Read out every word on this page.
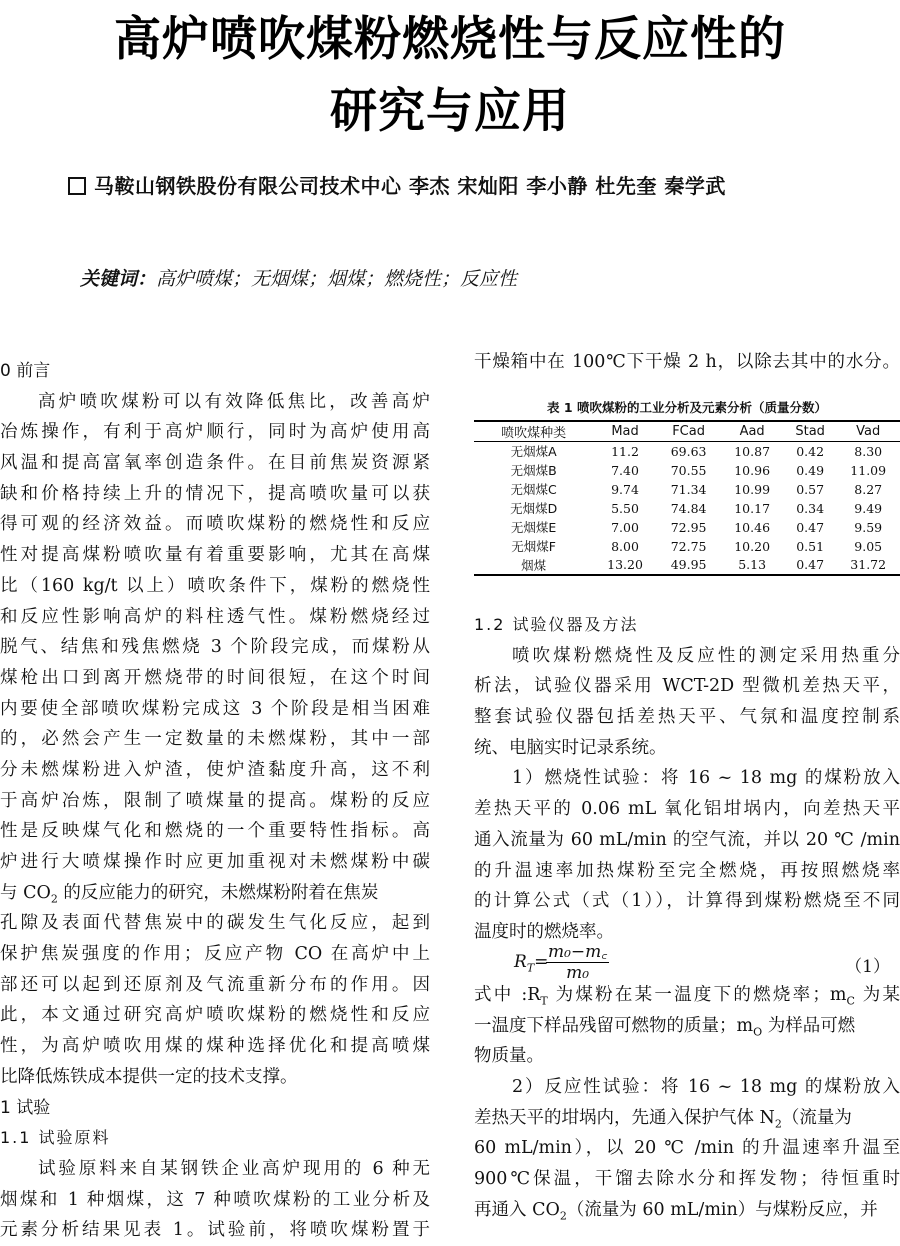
高炉喷吹煤粉燃烧性与反应性的
研究与应用
马鞍山钢铁股份有限公司技术中心 李杰 宋灿阳 李小静 杜先奎 秦学武
关键词：高炉喷煤；无烟煤；烟煤；燃烧性；反应性
0 前言
高炉喷吹煤粉可以有效降低焦比，改善高炉
冶炼操作，有利于高炉顺行，同时为高炉使用高
风温和提高富氧率创造条件。在目前焦炭资源紧
缺和价格持续上升的情况下，提高喷吹量可以获
得可观的经济效益。而喷吹煤粉的燃烧性和反应
性对提高煤粉喷吹量有着重要影响，尤其在高煤
比（160 kg/t 以上）喷吹条件下，煤粉的燃烧性
和反应性影响高炉的料柱透气性。煤粉燃烧经过
脱气、结焦和残焦燃烧 3 个阶段完成，而煤粉从
煤枪出口到离开燃烧带的时间很短，在这个时间
内要使全部喷吹煤粉完成这 3 个阶段是相当困难
的，必然会产生一定数量的未燃煤粉，其中一部
分未燃煤粉进入炉渣，使炉渣黏度升高，这不利
于高炉冶炼，限制了喷煤量的提高。煤粉的反应
性是反映煤气化和燃烧的一个重要特性指标。高
炉进行大喷煤操作时应更加重视对未燃煤粉中碳
与 $CO_2$ 的反应能力的研究，未燃煤粉附着在焦炭
孔隙及表面代替焦炭中的碳发生气化反应，起到
保护焦炭强度的作用；反应产物 CO 在高炉中上
部还可以起到还原剂及气流重新分布的作用。因
此，本文通过研究高炉喷吹煤粉的燃烧性和反应
性，为高炉喷吹用煤的煤种选择优化和提高喷煤
比降低炼铁成本提供一定的技术支撑。
1 试验
1.1 试验原料
试验原料来自某钢铁企业高炉现用的 6 种无
烟煤和 1 种烟煤，这 7 种喷吹煤粉的工业分析及
元素分析结果见表 1。试验前，将喷吹煤粉置于
干燥箱中在 100℃下干燥 2 h，以除去其中的水分。
表 1 喷吹煤粉的工业分析及元素分析（质量分数）
喷吹煤种类	Mad	FCad	Aad	Stad	Vad
无烟煤A	11.2	69.63	10.87	0.42	8.30
无烟煤B	7.40	70.55	10.96	0.49	11.09
无烟煤C	9.74	71.34	10.99	0.57	8.27
无烟煤D	5.50	74.84	10.17	0.34	9.49
无烟煤E	7.00	72.95	10.46	0.47	9.59
无烟煤F	8.00	72.75	10.20	0.51	9.05
烟煤	13.20	49.95	5.13	0.47	31.72
1.2 试验仪器及方法
喷吹煤粉燃烧性及反应性的测定采用热重分
析法，试验仪器采用 WCT-2D 型微机差热天平，
整套试验仪器包括差热天平、气氛和温度控制系
统、电脑实时记录系统。
1）燃烧性试验：将 16 ~ 18 mg 的煤粉放入
差热天平的 0.06 mL 氧化铝坩埚内，向差热天平
通入流量为 60 mL/min 的空气流，并以 20 ℃ /min
的升温速率加热煤粉至完全燃烧，再按照燃烧率
的计算公式（式（1）），计算得到煤粉燃烧至不同
温度时的燃烧率。
$R_T=$
$\frac{\text{m₀−m꜀}}{\text{m₀}}$	（1）
式中 $:R_T$ 为煤粉在某一温度下的燃烧率；$m_C$ 为某
一温度下样品残留可燃物的质量；$m_O$ 为样品可燃
物质量。
2）反应性试验：将 16 ~ 18 mg 的煤粉放入
差热天平的坩埚内，先通入保护气体 $N_2$（流量为
60 mL/min），以 20 ℃ /min 的升温速率升温至
900℃保温，干馏去除水分和挥发物；待恒重时
再通入 $CO_2$（流量为 60 mL/min）与煤粉反应，并
